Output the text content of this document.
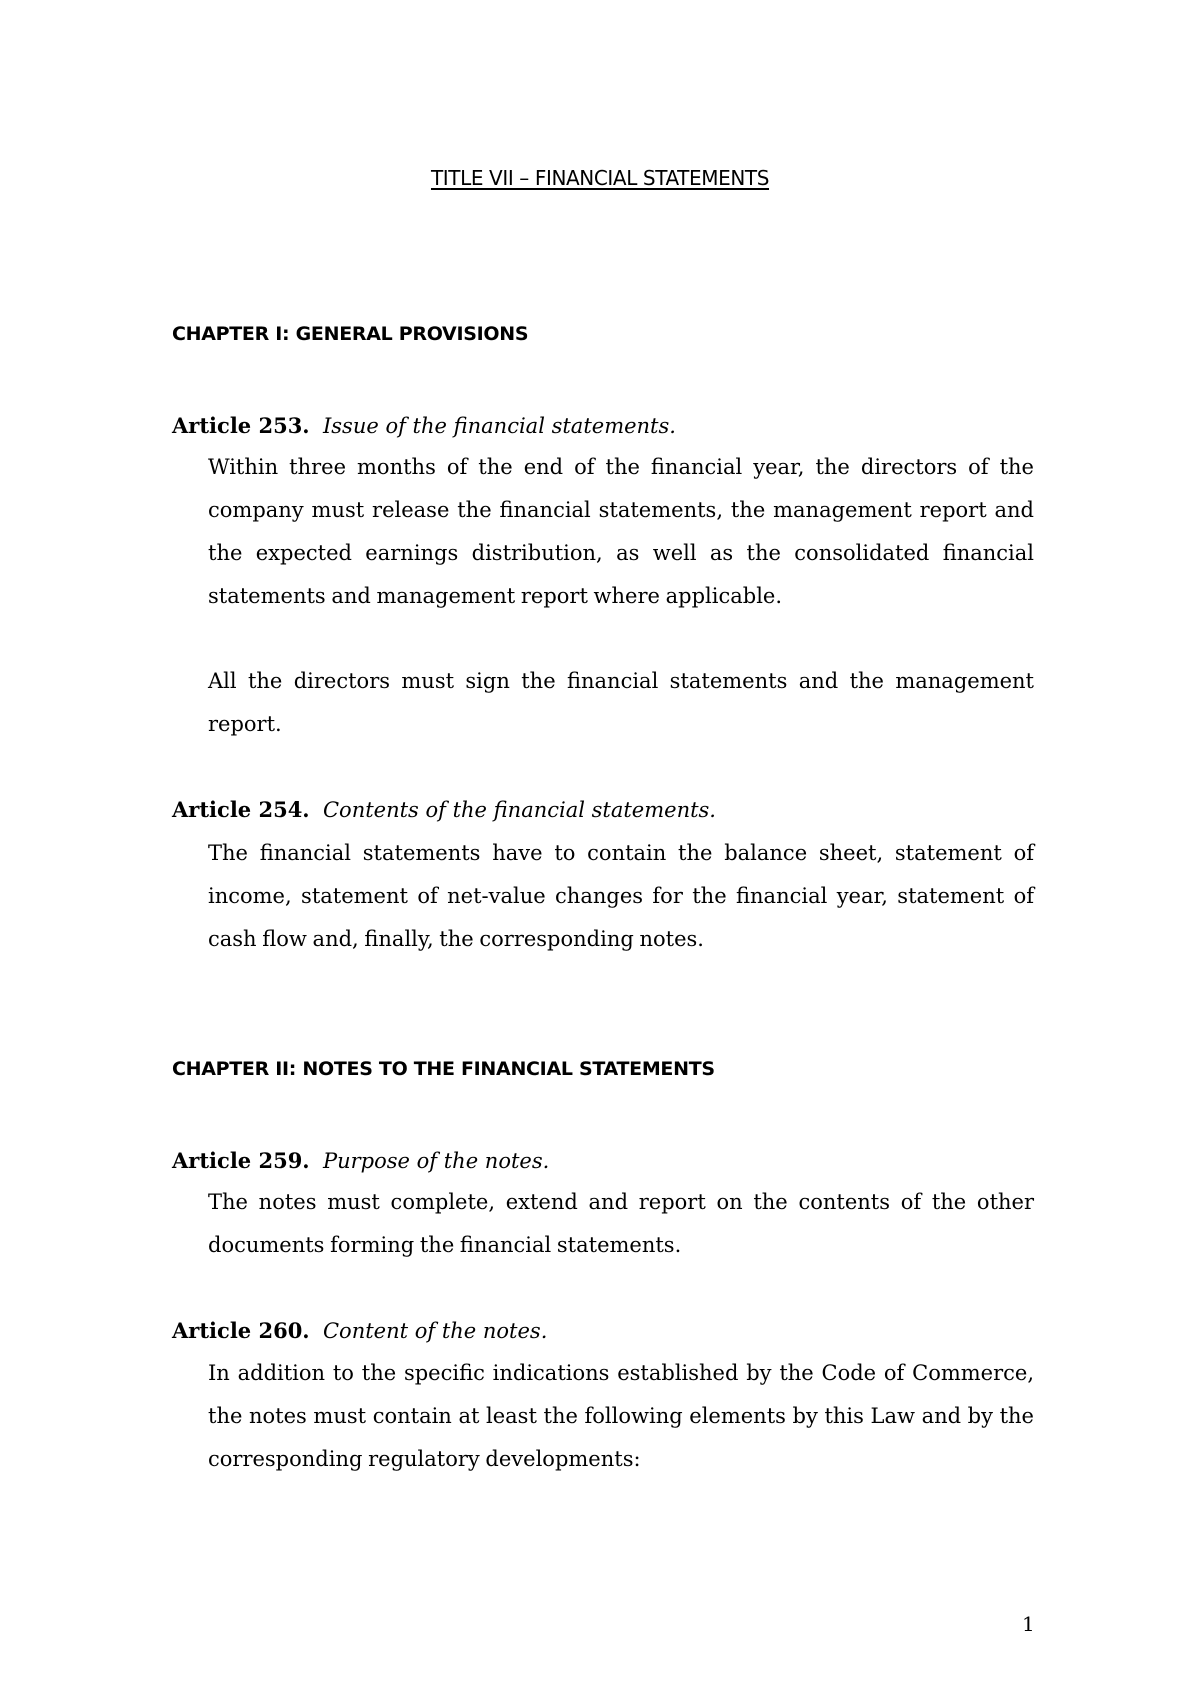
TITLE VII – FINANCIAL STATEMENTS
CHAPTER I: GENERAL PROVISIONS
Article 253. Issue of the financial statements.
Within three months of the end of the financial year, the directors of the company must release the financial statements, the management report and the expected earnings distribution, as well as the consolidated financial statements and management report where applicable.
All the directors must sign the financial statements and the management report.
Article 254. Contents of the financial statements.
The financial statements have to contain the balance sheet, statement of income, statement of net-value changes for the financial year, statement of cash flow and, finally, the corresponding notes.
CHAPTER II: NOTES TO THE FINANCIAL STATEMENTS
Article 259. Purpose of the notes.
The notes must complete, extend and report on the contents of the other documents forming the financial statements.
Article 260. Content of the notes.
In addition to the specific indications established by the Code of Commerce, the notes must contain at least the following elements by this Law and by the corresponding regulatory developments:
1
